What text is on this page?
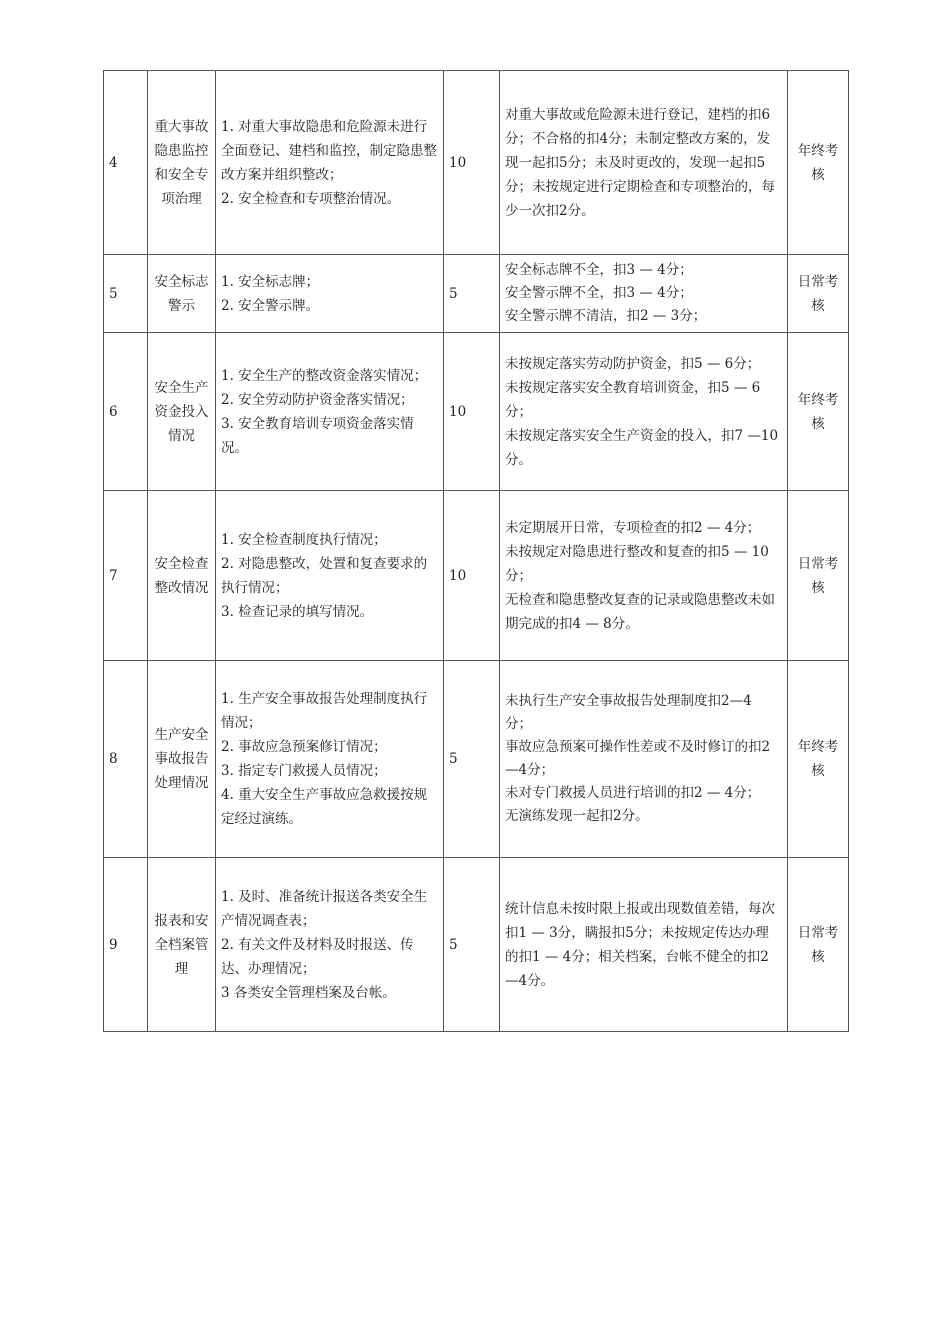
4	重大事故隐患监控和安全专项治理	1. 对重大事故隐患和危险源未进行全面登记、建档和监控，制定隐患整改方案并组织整改；
2. 安全检查和专项整治情况。	10	对重大事故或危险源未进行登记，建档的扣6分；不合格的扣4分；未制定整改方案的，发现一起扣5分；未及时更改的，发现一起扣5分；未按规定进行定期检查和专项整治的，每少一次扣2分。	年终考核
5	安全标志警示	1. 安全标志牌；
2. 安全警示牌。	5	安全标志牌不全，扣3 — 4分；
安全警示牌不全，扣3 — 4分；
安全警示牌不清洁，扣2 — 3分；	日常考核
6	安全生产资金投入情况	1. 安全生产的整改资金落实情况；
2. 安全劳动防护资金落实情况；
3. 安全教育培训专项资金落实情况。	10	未按规定落实劳动防护资金，扣5 — 6分；
未按规定落实安全教育培训资金，扣5 — 6 分；
未按规定落实安全生产资金的投入，扣7 —10分。	年终考核
7	安全检查整改情况	1. 安全检查制度执行情况；
2. 对隐患整改，处置和复查要求的执行情况；
3. 检查记录的填写情况。	10	未定期展开日常，专项检查的扣2 — 4分；
未按规定对隐患进行整改和复查的扣5 — 10 分；
无检查和隐患整改复查的记录或隐患整改未如期完成的扣4 — 8分。	日常考核
8	生产安全事故报告处理情况	1. 生产安全事故报告处理制度执行情况；
2. 事故应急预案修订情况；
3. 指定专门救援人员情况；
4. 重大安全生产事故应急救援按规定经过演练。	5	未执行生产安全事故报告处理制度扣2—4 分；
事故应急预案可操作性差或不及时修订的扣2—4分；
未对专门救援人员进行培训的扣2 — 4分；
无演练发现一起扣2分。	年终考核
9	报表和安全档案管理	1. 及时、准备统计报送各类安全生产情况调查表；
2. 有关文件及材料及时报送、传达、办理情况；
3 各类安全管理档案及台帐。	5	统计信息未按时限上报或出现数值差错，每次扣1 — 3分，瞒报扣5分；未按规定传达办理的扣1 — 4分；相关档案，台帐不健全的扣2—4分。	日常考核
